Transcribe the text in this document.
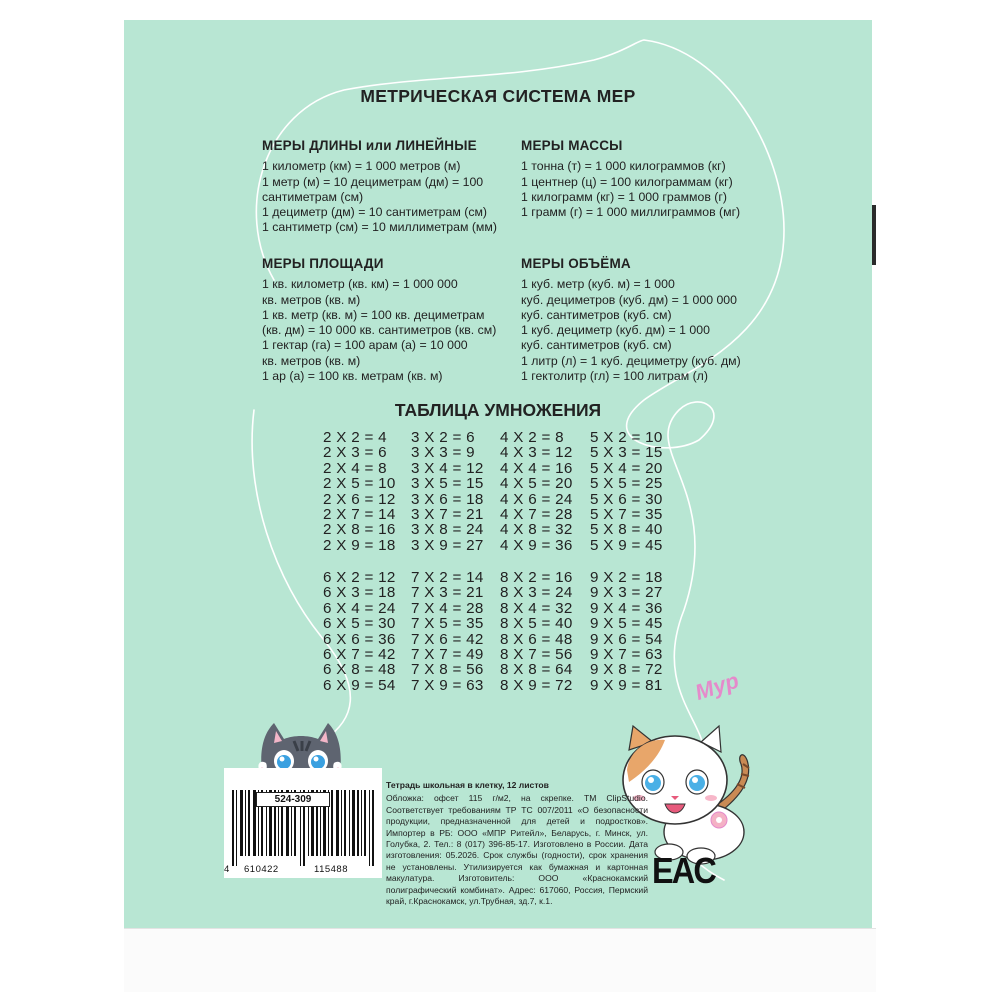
МЕТРИЧЕСКАЯ СИСТЕМА МЕР
МЕРЫ ДЛИНЫ или ЛИНЕЙНЫЕ
1 километр (км) = 1 000 метров (м)
1 метр (м) = 10 дециметрам (дм) = 100
сантиметрам (см)
1 дециметр (дм) = 10 сантиметрам (см)
1 сантиметр (см) = 10 миллиметрам (мм)
МЕРЫ МАССЫ
1 тонна (т) = 1 000 килограммов (кг)
1 центнер (ц) = 100 килограммам (кг)
1 килограмм (кг) = 1 000 граммов (г)
1 грамм (г) = 1 000 миллиграммов (мг)
МЕРЫ ПЛОЩАДИ
1 кв. километр (кв. км) = 1 000 000
кв. метров (кв. м)
1 кв. метр (кв. м) = 100 кв. дециметрам
(кв. дм) = 10 000 кв. сантиметров (кв. см)
1 гектар (га) = 100 арам (а) = 10 000
кв. метров (кв. м)
1 ар (а) = 100 кв. метрам (кв. м)
МЕРЫ ОБЪЁМА
1 куб. метр (куб. м) = 1 000
куб. дециметров (куб. дм) = 1 000 000
куб. сантиметров (куб. см)
1 куб. дециметр (куб. дм) = 1 000
куб. сантиметров (куб. см)
1 литр (л) = 1 куб. дециметру (куб. дм)
1 гектолитр (гл) = 100 литрам (л)
ТАБЛИЦА УМНОЖЕНИЯ
2 X 2 = 4
2 X 3 = 6
2 X 4 = 8
2 X 5 = 10
2 X 6 = 12
2 X 7 = 14
2 X 8 = 16
2 X 9 = 18
3 X 2 = 6
3 X 3 = 9
3 X 4 = 12
3 X 5 = 15
3 X 6 = 18
3 X 7 = 21
3 X 8 = 24
3 X 9 = 27
4 X 2 = 8
4 X 3 = 12
4 X 4 = 16
4 X 5 = 20
4 X 6 = 24
4 X 7 = 28
4 X 8 = 32
4 X 9 = 36
5 X 2 = 10
5 X 3 = 15
5 X 4 = 20
5 X 5 = 25
5 X 6 = 30
5 X 7 = 35
5 X 8 = 40
5 X 9 = 45
6 X 2 = 12
6 X 3 = 18
6 X 4 = 24
6 X 5 = 30
6 X 6 = 36
6 X 7 = 42
6 X 8 = 48
6 X 9 = 54
7 X 2 = 14
7 X 3 = 21
7 X 4 = 28
7 X 5 = 35
7 X 6 = 42
7 X 7 = 49
7 X 8 = 56
7 X 9 = 63
8 X 2 = 16
8 X 3 = 24
8 X 4 = 32
8 X 5 = 40
8 X 6 = 48
8 X 7 = 56
8 X 8 = 64
8 X 9 = 72
9 X 2 = 18
9 X 3 = 27
9 X 4 = 36
9 X 5 = 45
9 X 6 = 54
9 X 7 = 63
9 X 8 = 72
9 X 9 = 81 Мур
524-309
4 610422	115488
Тетрадь школьная в клетку, 12 листов
Обложка: офсет 115 г/м2, на скрепке. ТМ ClipStudio. Соответствует требованиям ТР ТС 007/2011 «О безопасности продукции, предназначенной для детей и подростков». Импортер в РБ: ООО «МПР Ритейл», Беларусь, г. Минск, ул. Голубка, 2. Тел.: 8 (017) 396-85-17. Изготовлено в России. Дата изготовления: 05.2026. Срок службы (годности), срок хранения не установлены. Утилизируется как бумажная и картонная макулатура. Изготовитель: ООО «Краснокамский полиграфический комбинат». Адрес: 617060, Россия, Пермский край, г.Краснокамск, ул.Трубная, зд.7, к.1.
EAC
